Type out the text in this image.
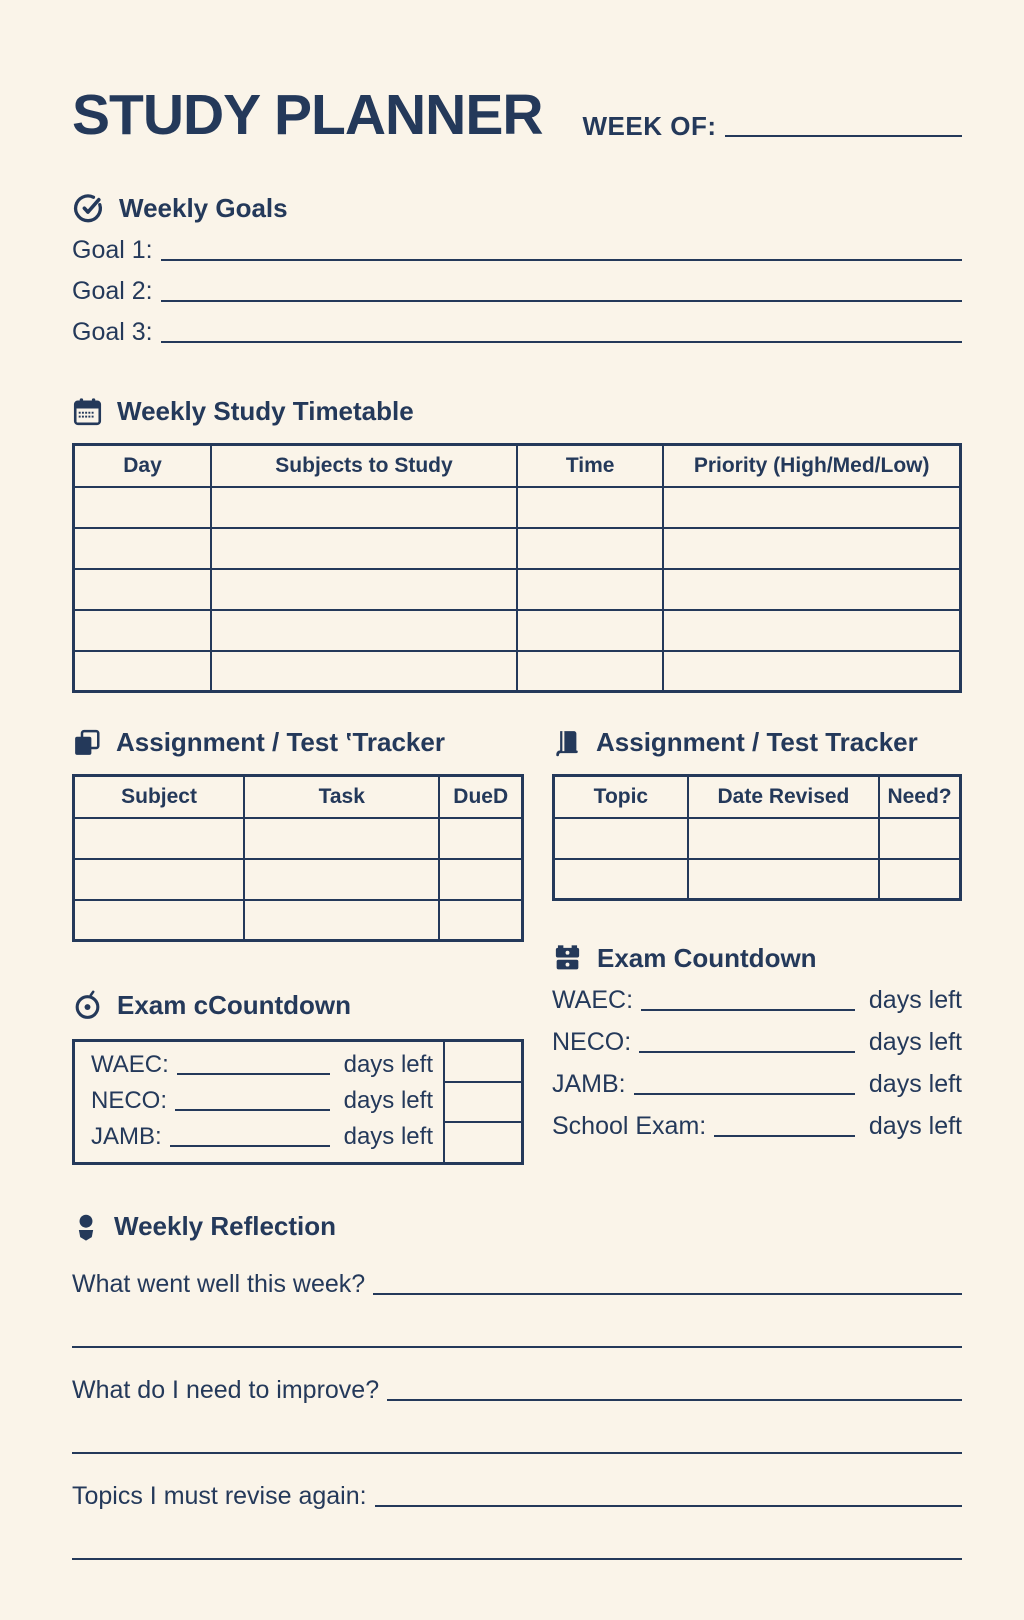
STUDY PLANNER WEEK OF:
Weekly Goals
Goal 1:
Goal 2:
Goal 3:
Weekly Study Timetable
Day	Subjects to Study	Time	Priority (High/Med/Low)

Assignment / Test ‛Tracker
Subject	Task	DueD

Exam cCountdown
WAEC:	days left
NECO:	days left
JAMB:	days left
Assignment / Test Tracker
Topic	Date Revised	Need?

Exam Countdown
WAEC:	days left
NECO:	days left
JAMB:	days left
School Exam:	days left
Weekly Reflection
What went well this week?
What do I need to improve?
Topics I must revise again:
